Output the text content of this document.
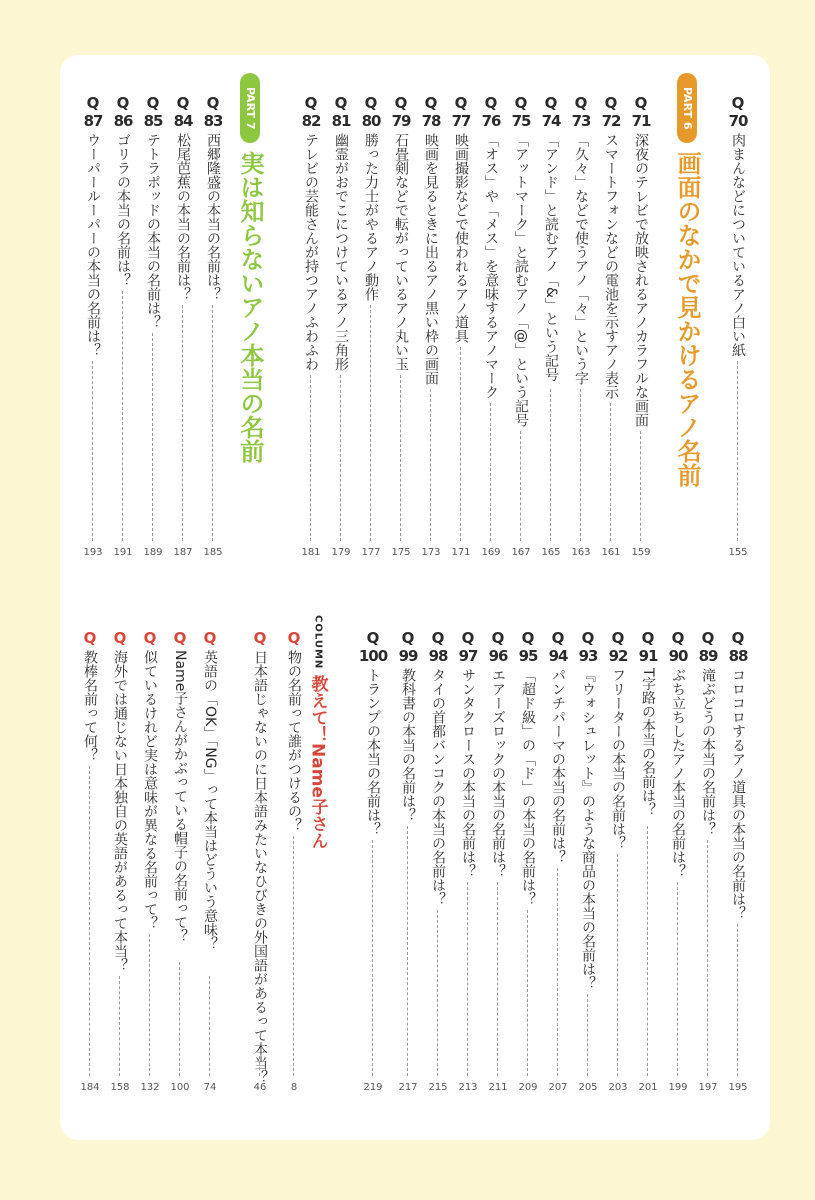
PART 6
画面のなかで見かけるアノ名前
PART 7
実は知らないアノ本当の名前
COLUMN
教えて！Name子さん
Q
70
肉まんなどについているアノ白い紙
155
Q
71
深夜のテレビで放映されるアノカラフルな画面
159
Q
72
スマートフォンなどの電池を示すアノ表示
161
Q
73
「久々」などで使うアノ「々」という字
163
Q
74
「アンド」と読むアノ「&」という記号
165
Q
75
「アットマーク」と読むアノ「@」という記号
167
Q
76
「オス」や「メス」を意味するアノマーク
169
Q
77
映画撮影などで使われるアノ道具
171
Q
78
映画を見るときに出るアノ黒い枠の画面
173
Q
79
石畳剣などで転がっているアノ丸い玉
175
Q
80
勝った力士がやるアノ動作
177
Q
81
幽霊がおでこにつけているアノ三角形
179
Q
82
テレビの芸能さんが持つアノふわふわ
181
Q
83
西郷隆盛の本当の名前は？
185
Q
84
松尾芭蕉の本当の名前は？
187
Q
85
テトラポッドの本当の名前は？
189
Q
86
ゴリラの本当の名前は？
191
Q
87
ウーパールーパーの本当の名前は？
193
Q
88
コロコロするアノ道具の本当の名前は？
195
Q
89
滝ぶどうの本当の名前は？
197
Q
90
ぶち立ちしたアノ本当の名前は？
199
Q
91
T字路の本当の名前は？
201
Q
92
フリーターの本当の名前は？
203
Q
93
『ウォシュレット』のような商品の本当の名前は？
205
Q
94
パンチパーマの本当の名前は？
207
Q
95
「超ド級」の「ド」の本当の名前は？
209
Q
96
エアーズロックの本当の名前は？
211
Q
97
サンタクロースの本当の名前は？
213
Q
98
タイの首都バンコクの本当の名前は？
215
Q
99
教科書の本当の名前は？
217
Q
100
トランプの本当の名前は？
219
Q
物の名前って誰がつけるの？
8
Q
日本語じゃないのに日本語みたいなひびきの外国語があるって本当？
46
Q
英語の「OK」「NG」って本当はどういう意味？
74
Q
Name子さんがかぶっている帽子の名前って？
100
Q
似ているけれど実は意味が異なる名前って？
132
Q
海外では通じない日本独自の英語があるって本当？
158
Q
教棒名前って何？
184
